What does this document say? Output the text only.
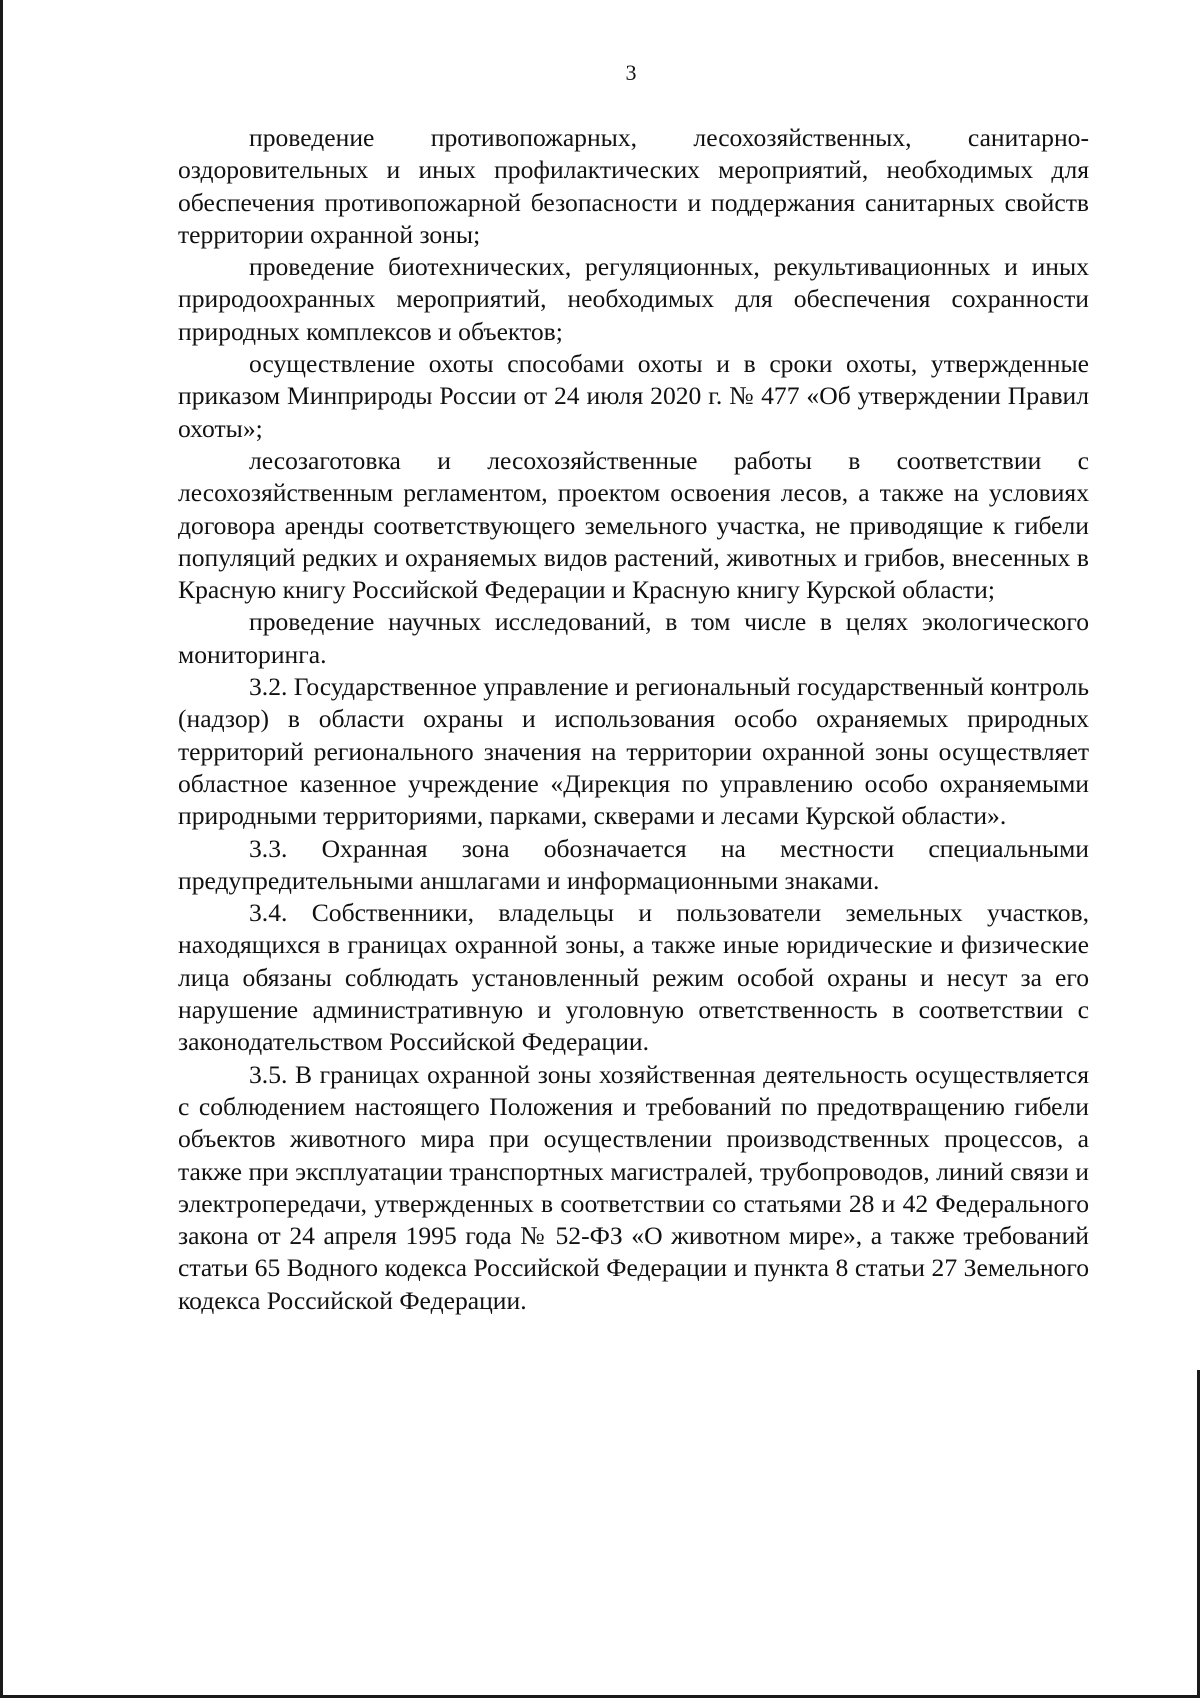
3

проведение противопожарных, лесохозяйственных, санитарно-оздоровительных и иных профилактических мероприятий, необходимых для обеспечения противопожарной безопасности и поддержания санитарных свойств территории охранной зоны;

проведение биотехнических, регуляционных, рекультивационных и иных природоохранных мероприятий, необходимых для обеспечения сохранности природных комплексов и объектов;

осуществление охоты способами охоты и в сроки охоты, утвержденные приказом Минприроды России от 24 июля 2020 г. № 477 «Об утверждении Правил охоты»;

лесозаготовка и лесохозяйственные работы в соответствии с лесохозяйственным регламентом, проектом освоения лесов, а также на условиях договора аренды соответствующего земельного участка, не приводящие к гибели популяций редких и охраняемых видов растений, животных и грибов, внесенных в Красную книгу Российской Федерации и Красную книгу Курской области;

проведение научных исследований, в том числе в целях экологического мониторинга.

3.2. Государственное управление и региональный государственный контроль (надзор) в области охраны и использования особо охраняемых природных территорий регионального значения на территории охранной зоны осуществляет областное казенное учреждение «Дирекция по управлению особо охраняемыми природными территориями, парками, скверами и лесами Курской области».

3.3. Охранная зона обозначается на местности специальными предупредительными аншлагами и информационными знаками.

3.4. Собственники, владельцы и пользователи земельных участков, находящихся в границах охранной зоны, а также иные юридические и физические лица обязаны соблюдать установленный режим особой охраны и несут за его нарушение административную и уголовную ответственность в соответствии с законодательством Российской Федерации.

3.5. В границах охранной зоны хозяйственная деятельность осуществляется с соблюдением настоящего Положения и требований по предотвращению гибели объектов животного мира при осуществлении производственных процессов, а также при эксплуатации транспортных магистралей, трубопроводов, линий связи и электропередачи, утвержденных в соответствии со статьями 28 и 42 Федерального закона от 24 апреля 1995 года № 52-ФЗ «О животном мире», а также требований статьи 65 Водного кодекса Российской Федерации и пункта 8 статьи 27 Земельного кодекса Российской Федерации.
